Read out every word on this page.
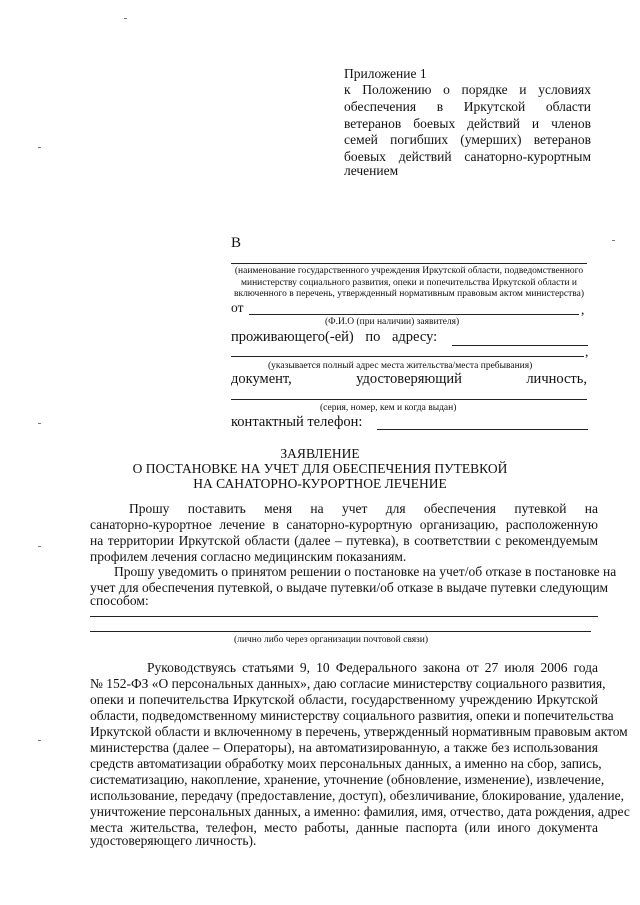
Приложение 1
к Положению о порядке и условиях
обеспечения в Иркутской области
ветеранов боевых действий и членов
семей погибших (умерших) ветеранов
боевых действий санаторно-курортным
лечением
В
(наименование государственного учреждения Иркутской области, подведомственного
министерству социального развития, опеки и попечительства Иркутской области и
включенного в перечень, утвержденный нормативным правовым актом министерства)
от	,
(Ф.И.О (при наличии) заявителя)
проживающего(-ей) по адресу:
,
(указывается полный адрес места жительства/места пребывания)
документ, удостоверяющий личность,
(серия, номер, кем и когда выдан)
контактный телефон:
ЗАЯВЛЕНИЕ
О ПОСТАНОВКЕ НА УЧЕТ ДЛЯ ОБЕСПЕЧЕНИЯ ПУТЕВКОЙ
НА САНАТОРНО-КУРОРТНОЕ ЛЕЧЕНИЕ
Прошу поставить меня на учет для обеспечения путевкой на
санаторно-курортное лечение в санаторно-курортную организацию, расположенную
на территории Иркутской области (далее – путевка), в соответствии с рекомендуемым
профилем лечения согласно медицинским показаниям.
Прошу уведомить о принятом решении о постановке на учет/об отказе в постановке на
учет для обеспечения путевкой, о выдаче путевки/об отказе в выдаче путевки следующим
способом:
(лично либо через организации почтовой связи)
Руководствуясь статьями 9, 10 Федерального закона от 27 июля 2006 года
№ 152-ФЗ «О персональных данных», даю согласие министерству социального развития,
опеки и попечительства Иркутской области, государственному учреждению Иркутской
области, подведомственному министерству социального развития, опеки и попечительства
Иркутской области и включенному в перечень, утвержденный нормативным правовым актом
министерства (далее – Операторы), на автоматизированную, а также без использования
средств автоматизации обработку моих персональных данных, а именно на сбор, запись,
систематизацию, накопление, хранение, уточнение (обновление, изменение), извлечение,
использование, передачу (предоставление, доступ), обезличивание, блокирование, удаление,
уничтожение персональных данных, а именно: фамилия, имя, отчество, дата рождения, адрес
места жительства, телефон, место работы, данные паспорта (или иного документа
удостоверяющего личность).
